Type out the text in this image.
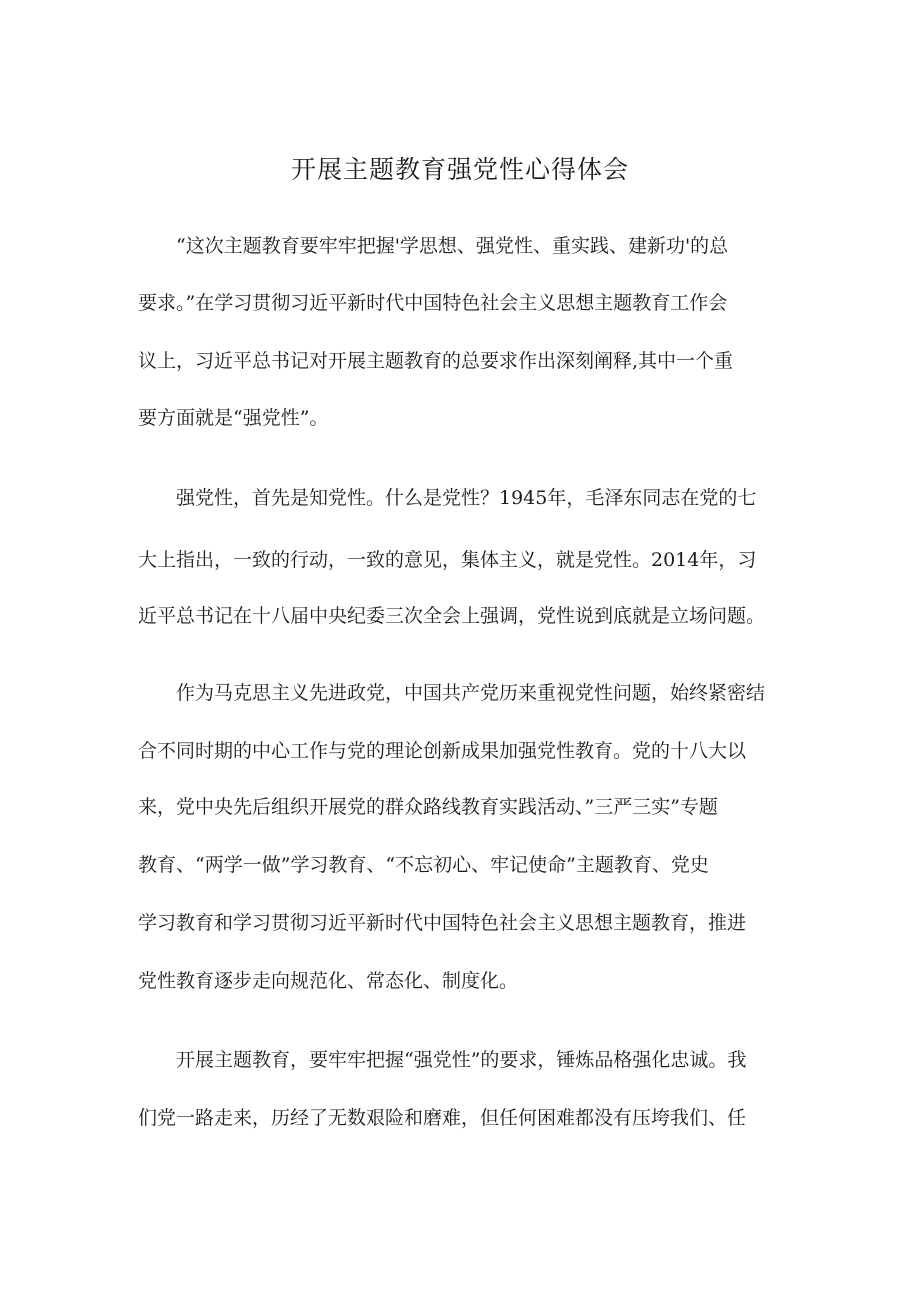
开展主题教育强党性心得体会
“这次主题教育要牢牢把握'学思想、强党性、重实践、建新功'的总
要求。”在学习贯彻习近平新时代中国特色社会主义思想主题教育工作会
议上，习近平总书记对开展主题教育的总要求作出深刻阐释,其中一个重
要方面就是“强党性”。
强党性，首先是知党性。什么是党性？1945年，毛泽东同志在党的七
大上指出，一致的行动，一致的意见，集体主义，就是党性。2014年，习
近平总书记在十八届中央纪委三次全会上强调，党性说到底就是立场问题。
作为马克思主义先进政党，中国共产党历来重视党性问题，始终紧密结
合不同时期的中心工作与党的理论创新成果加强党性教育。党的十八大以
来，党中央先后组织开展党的群众路线教育实践活动、”三严三实”专题
教育、“两学一做”学习教育、“不忘初心、牢记使命”主题教育、党史
学习教育和学习贯彻习近平新时代中国特色社会主义思想主题教育，推进
党性教育逐步走向规范化、常态化、制度化。
开展主题教育，要牢牢把握“强党性”的要求，锤炼品格强化忠诚。我
们党一路走来，历经了无数艰险和磨难，但任何困难都没有压垮我们、任
